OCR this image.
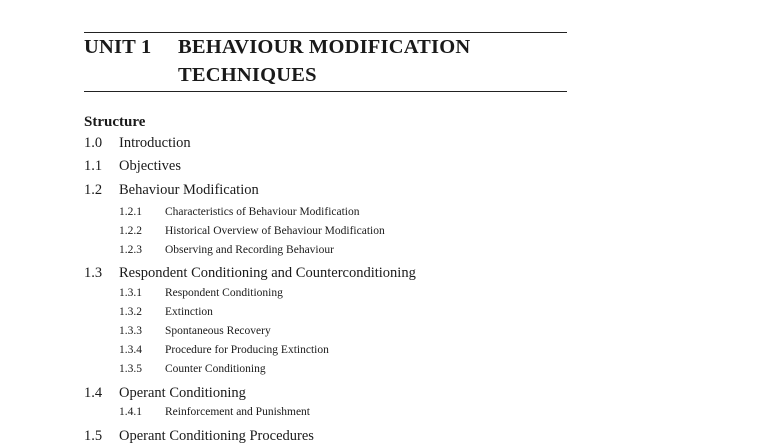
UNIT 1 BEHAVIOUR MODIFICATION
TECHNIQUES
Structure
1.0 Introduction
1.1 Objectives
1.2 Behaviour Modification
1.2.1 Characteristics of Behaviour Modification
1.2.2 Historical Overview of Behaviour Modification
1.2.3 Observing and Recording Behaviour
1.3 Respondent Conditioning and Counterconditioning
1.3.1 Respondent Conditioning
1.3.2 Extinction
1.3.3 Spontaneous Recovery
1.3.4 Procedure for Producing Extinction
1.3.5 Counter Conditioning
1.4 Operant Conditioning
1.4.1 Reinforcement and Punishment
1.5 Operant Conditioning Procedures
